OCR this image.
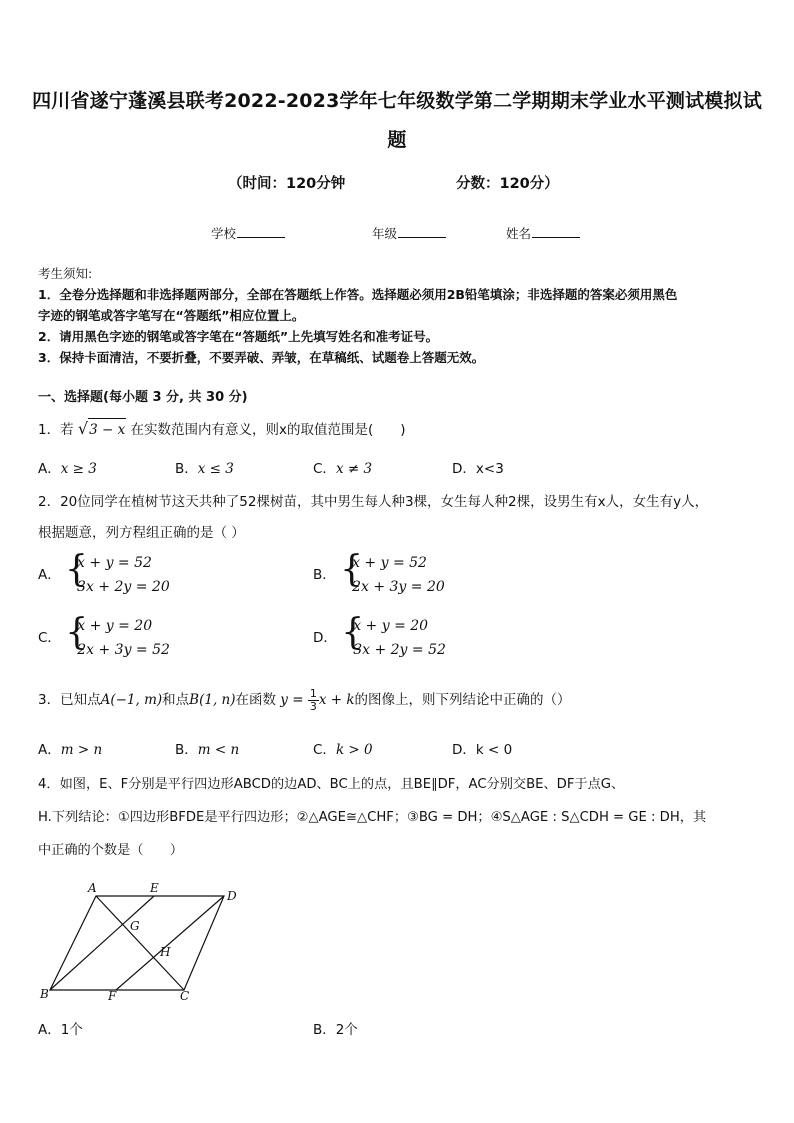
四川省遂宁蓬溪县联考2022-2023学年七年级数学第二学期期末学业水平测试模拟试
题
（时间：120分钟	分数：120分）
学校	年级	姓名
考生须知:
1．全卷分选择题和非选择题两部分，全部在答题纸上作答。选择题必须用2B铅笔填涂；非选择题的答案必须用黑色
字迹的钢笔或答字笔写在“答题纸”相应位置上。
2．请用黑色字迹的钢笔或答字笔在“答题纸”上先填写姓名和准考证号。
3．保持卡面清洁，不要折叠，不要弄破、弄皱，在草稿纸、试题卷上答题无效。
一、选择题(每小题 3 分, 共 30 分)
1．若 √3 − x 在实数范围内有意义，则x的取值范围是(　　)
A．x ≥ 3	B．x ≤ 3	C．x ≠ 3	D．x<3
2．20位同学在植树节这天共种了52棵树苗，其中男生每人种3棵，女生每人种2棵，设男生有x人，女生有y人，
根据题意，列方程组正确的是（ ）
A． {
x + y = 52
3x + 2y = 20
B． {
x + y = 52
2x + 3y = 20
C． {
x + y = 20
2x + 3y = 52
D． {
x + y = 20
3x + 2y = 52
3．已知点A(−1, m)和点B(1, n)在函数 $y = \frac{1}{3}$ x + k的图像上，则下列结论中正确的（）
A．m > n	B．m < n	C．k > 0	D．k < 0
4．如图，E、F分别是平行四边形ABCD的边AD、BC上的点，且BE∥DF，AC分别交BE、DF于点G、
H.下列结论：①四边形BFDE是平行四边形；②△AGE≅△CHF；③BG = DH；④S△AGE : S△CDH = GE : DH，其
中正确的个数是（　　）
A	E
D
G
H
B	F	C
A．1个	B．2个
